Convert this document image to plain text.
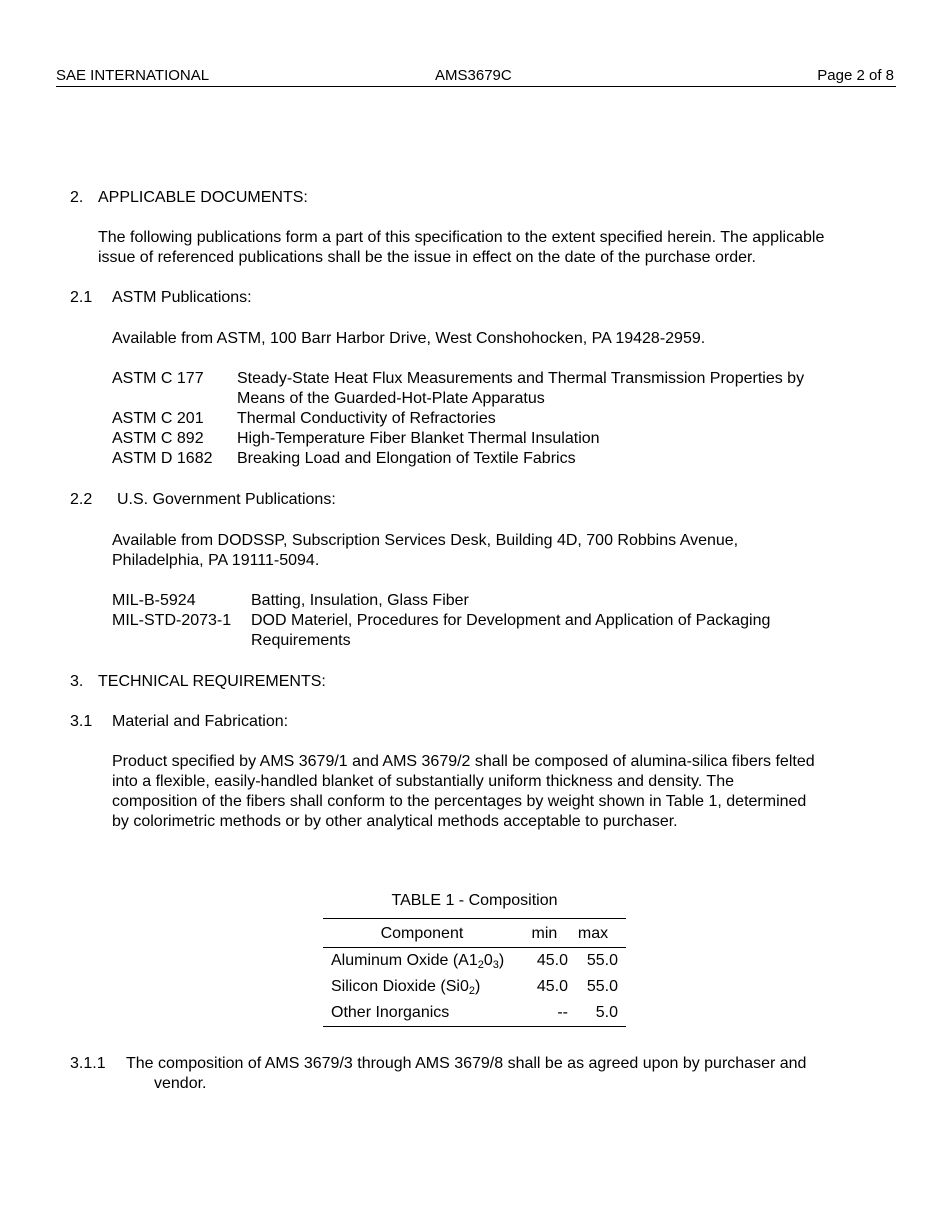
SAE INTERNATIONAL	AMS3679C	Page 2 of 8
2. APPLICABLE DOCUMENTS:
The following publications form a part of this specification to the extent specified herein. The applicable
issue of referenced publications shall be the issue in effect on the date of the purchase order.
2.1 ASTM Publications:
Available from ASTM, 100 Barr Harbor Drive, West Conshohocken, PA 19428-2959.
ASTM C 177	Steady-State Heat Flux Measurements and Thermal Transmission Properties by
Means of the Guarded-Hot-Plate Apparatus

ASTM C 201	Thermal Conductivity of Refractories
ASTM C 892	High-Temperature Fiber Blanket Thermal Insulation
ASTM D 1682	Breaking Load and Elongation of Textile Fabrics
2.2 U.S. Government Publications:
Available from DODSSP, Subscription Services Desk, Building 4D, 700 Robbins Avenue,
Philadelphia, PA 19111-5094.
MIL-B-5924	Batting, Insulation, Glass Fiber
MIL-STD-2073-1	DOD Materiel, Procedures for Development and Application of Packaging
Requirements
3. TECHNICAL REQUIREMENTS:
3.1 Material and Fabrication:
Product specified by AMS 3679/1 and AMS 3679/2 shall be composed of alumina-silica fibers felted
into a flexible, easily-handled blanket of substantially uniform thickness and density. The
composition of the fibers shall conform to the percentages by weight shown in Table 1, determined
by colorimetric methods or by other analytical methods acceptable to purchaser.
TABLE 1 - Composition
Component	min	max
Aluminum Oxide $(A1_20_3)$	45.0	55.0
Silicon Dioxide $(Si0_2)$	45.0	55.0
Other Inorganics	--	5.0
3.1.1 The composition of AMS 3679/3 through AMS 3679/8 shall be as agreed upon by purchaser and
vendor.
